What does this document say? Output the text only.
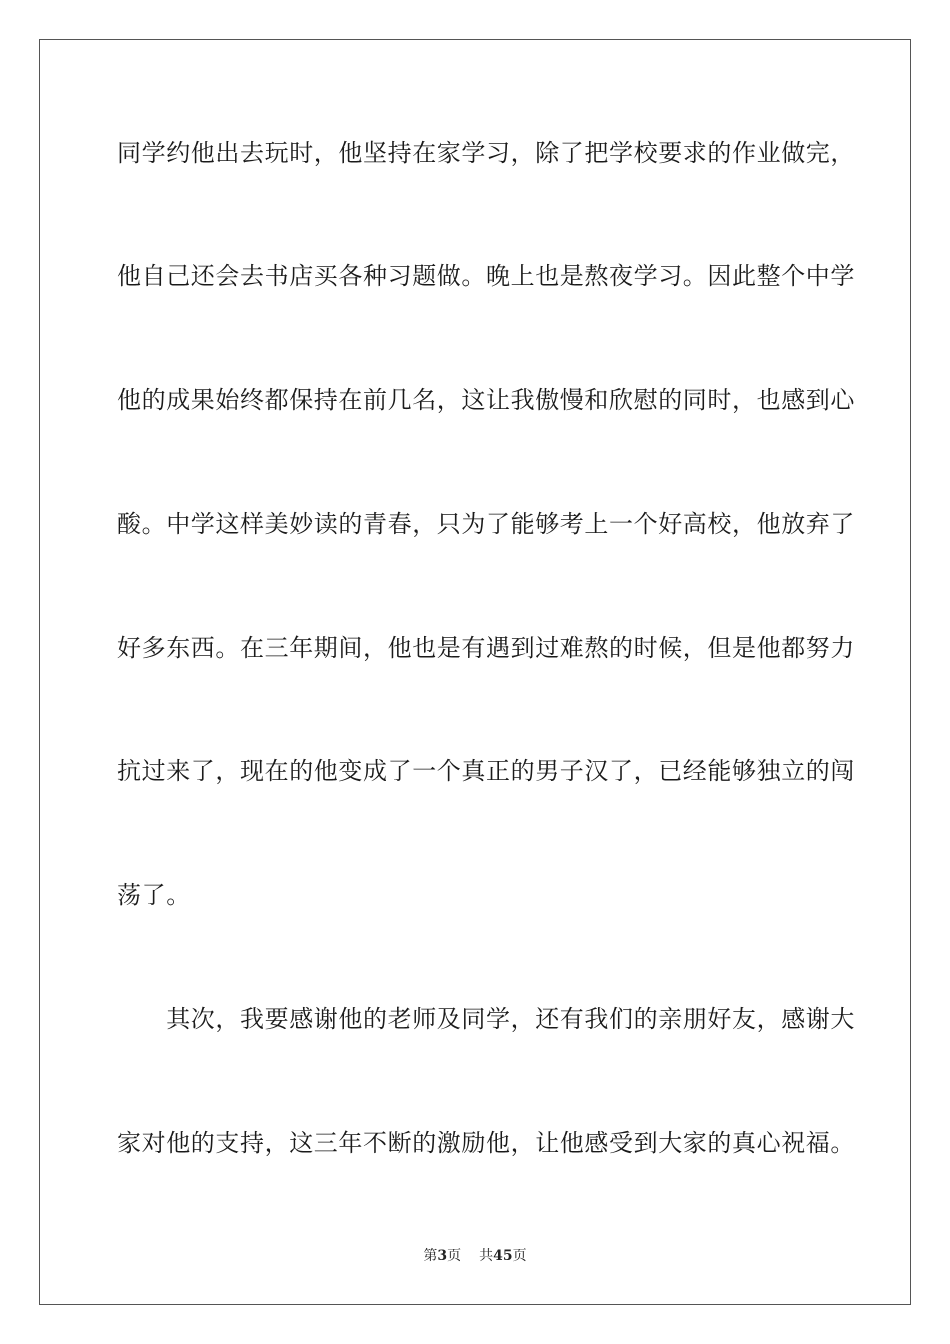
同学约他出去玩时，他坚持在家学习，除了把学校要求的作业做完，
他自己还会去书店买各种习题做。晚上也是熬夜学习。因此整个中学
他的成果始终都保持在前几名，这让我傲慢和欣慰的同时，也感到心
酸。中学这样美妙读的青春，只为了能够考上一个好高校，他放弃了
好多东西。在三年期间，他也是有遇到过难熬的时候，但是他都努力
抗过来了，现在的他变成了一个真正的男子汉了，已经能够独立的闯
荡了。
　　其次，我要感谢他的老师及同学，还有我们的亲朋好友，感谢大
家对他的支持，这三年不断的激励他，让他感受到大家的真心祝福。
第3页 共45页
